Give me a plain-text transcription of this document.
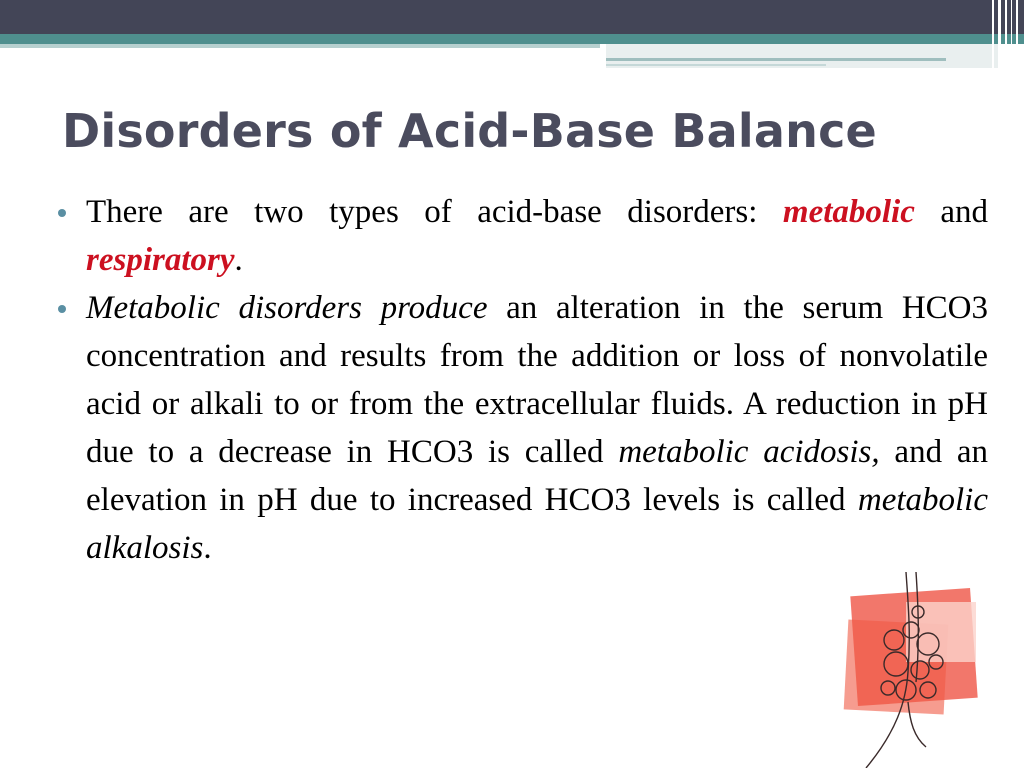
Disorders of Acid-Base Balance
There are two types of acid-base disorders: metabolic and respiratory.
Metabolic disorders produce an alteration in the serum HCO3 concentration and results from the addition or loss of nonvolatile acid or alkali to or from the extracellular fluids. A reduction in pH due to a decrease in HCO3 is called metabolic acidosis, and an elevation in pH due to increased HCO3 levels is called metabolic alkalosis.
